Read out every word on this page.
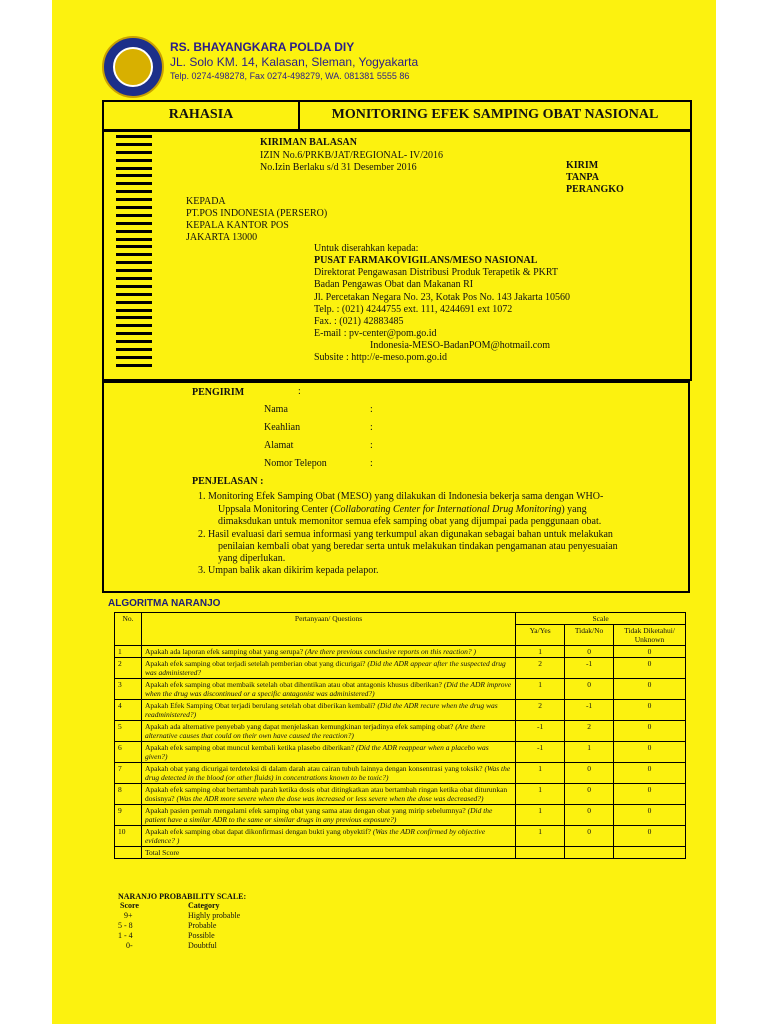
RS. BHAYANGKARA POLDA DIY
JL. Solo KM. 14, Kalasan, Sleman, Yogyakarta
Telp. 0274-498278, Fax 0274-498279, WA. 081381 5555 86
RAHASIA	MONITORING EFEK SAMPING OBAT NASIONAL
KIRIMAN BALASAN
IZIN No.6/PRKB/JAT/REGIONAL- IV/2016
No.Izin Berlaku s/d 31 Desember 2016	KIRIM
TANPA
PERANGKO
KEPADA
PT.POS INDONESIA (PERSERO)
KEPALA KANTOR POS
JAKARTA 13000
Untuk diserahkan kepada:
PUSAT FARMAKOVIGILANS/MESO NASIONAL
Direktorat Pengawasan Distribusi Produk Terapetik & PKRT
Badan Pengawas Obat dan Makanan RI
Jl. Percetakan Negara No. 23, Kotak Pos No. 143 Jakarta 10560
Telp. : (021) 4244755 ext. 111, 4244691 ext 1072
Fax. : (021) 42883485
E-mail : pv-center@pom.go.id
Indonesia-MESO-BadanPOM@hotmail.com
Subsite : http://e-meso.pom.go.id
PENGIRIM	:
Nama	:
Keahlian	:
Alamat	:
Nomor Telepon	:
PENJELASAN :
1. Monitoring Efek Samping Obat (MESO) yang dilakukan di Indonesia bekerja sama dengan WHO-
Uppsala Monitoring Center (Collaborating Center for International Drug Monitoring) yang
dimaksdukan untuk memonitor semua efek samping obat yang dijumpai pada penggunaan obat.
2. Hasil evaluasi dari semua informasi yang terkumpul akan digunakan sebagai bahan untuk melakukan
penilaian kembali obat yang beredar serta untuk melakukan tindakan pengamanan atau penyesuaian
yang diperlukan.
3. Umpan balik akan dikirim kepada pelapor.
ALGORITMA NARANJO
No.	Pertanyaan/ Questions	Scale		
		Ya/Yes	Tidak/No	Tidak Diketahui/ Unknown
1	Apakah ada laporan efek samping obat yang serupa? (Are there previous conclusive reports on this reaction? )	1	0	0
2	Apakah efek samping obat terjadi setelah pemberian obat yang dicurigai? (Did the ADR appear after the suspected drug was administered?	2	-1	0
3	Apakah efek samping obat membaik setelah obat dihentikan atau obat antagonis khusus diberikan? (Did the ADR improve when the drug was discontinued or a specific antagonist was administered?)	1	0	0
4	Apakah Efek Samping Obat terjadi berulang setelah obat diberikan kembali? (Did the ADR recure when the drug was readministered?)	2	-1	0
5	Apakah ada alternative penyebab yang dapat menjelaskan kemungkinan terjadinya efek samping obat? (Are there alternative causes that could on their own have caused the reaction?)	-1	2	0
6	Apakah efek samping obat muncul kembali ketika plasebo diberikan? (Did the ADR reappear when a placebo was given?)	-1	1	0
7	Apakah obat yang dicurigai terdeteksi di dalam darah atau cairan tubuh lainnya dengan konsentrasi yang toksik? (Was the drug detected in the blood (or other fluids) in concentrations known to be toxic?)	1	0	0
8	Apakah efek samping obat bertambah parah ketika dosis obat ditingkatkan atau bertambah ringan ketika obat diturunkan dosisnya? (Was the ADR more severe when the dose was increased or less severe when the dose was decreased?)	1	0	0
9	Apakah pasien pernah mengalami efek samping obat yang sama atau dengan obat yang mirip sebelumnya? (Did the patient have a similar ADR to the same or similar drugs in any previous exposure?)	1	0	0
10	Apakah efek samping obat dapat dikonfirmasi dengan bukti yang obyektif? (Was the ADR confirmed by objective evidence? )	1	0	0
	Total Score			
NARANJO PROBABILITY SCALE:
Score	Category
9+	Highly probable
5 - 8	Probable
1 - 4	Possible
0-	Doubtful
